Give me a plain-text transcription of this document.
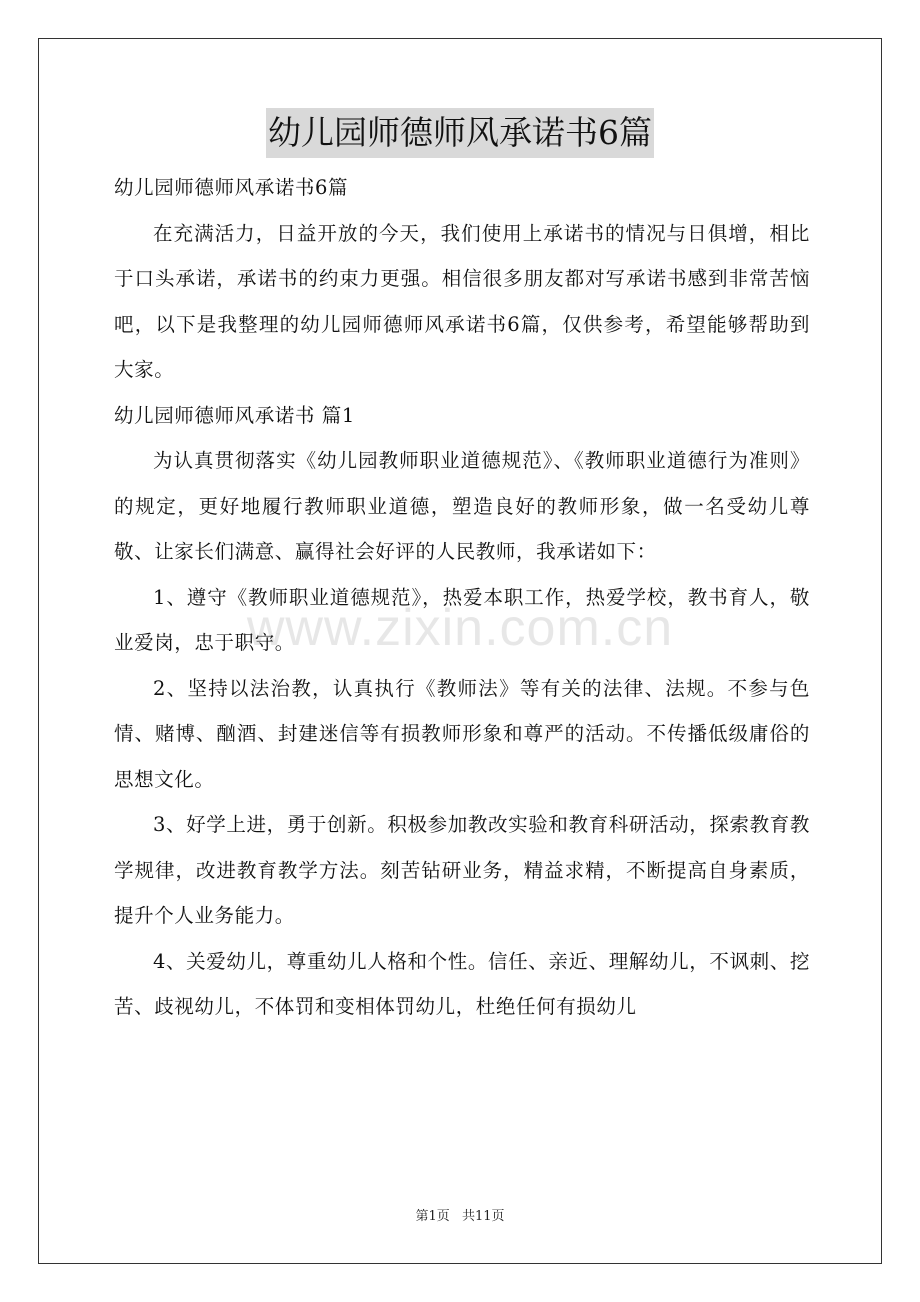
幼儿园师德师风承诺书6篇

幼儿园师德师风承诺书6篇

在充满活力，日益开放的今天，我们使用上承诺书的情况与日俱增，相比于口头承诺，承诺书的约束力更强。相信很多朋友都对写承诺书感到非常苦恼吧，以下是我整理的幼儿园师德师风承诺书6篇，仅供参考，希望能够帮助到大家。

幼儿园师德师风承诺书 篇1

为认真贯彻落实《幼儿园教师职业道德规范》、《教师职业道德行为准则》的规定，更好地履行教师职业道德，塑造良好的教师形象，做一名受幼儿尊敬、让家长们满意、赢得社会好评的人民教师，我承诺如下：

1、遵守《教师职业道德规范》，热爱本职工作，热爱学校，教书育人，敬业爱岗，忠于职守。

2、坚持以法治教，认真执行《教师法》等有关的法律、法规。不参与色情、赌博、酗酒、封建迷信等有损教师形象和尊严的活动。不传播低级庸俗的思想文化。

3、好学上进，勇于创新。积极参加教改实验和教育科研活动，探索教育教学规律，改进教育教学方法。刻苦钻研业务，精益求精，不断提高自身素质，提升个人业务能力。

4、关爱幼儿，尊重幼儿人格和个性。信任、亲近、理解幼儿，不讽刺、挖苦、歧视幼儿，不体罚和变相体罚幼儿，杜绝任何有损幼儿

www.zixin.com.cn
第1页 共11页
